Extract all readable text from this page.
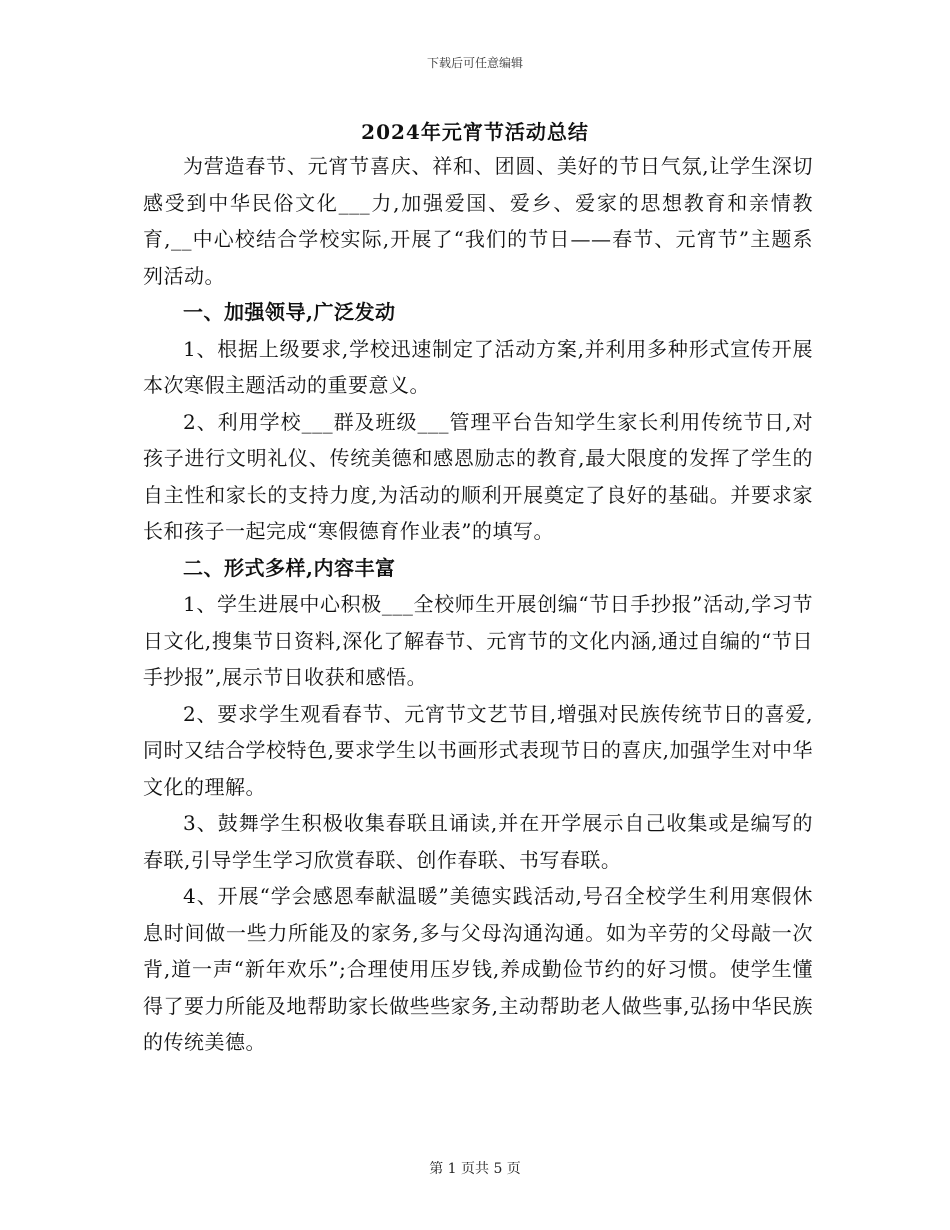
下载后可任意编辑
2024年元宵节活动总结

为营造春节、元宵节喜庆、祥和、团圆、美好的节日气氛,让学生深切感受到中华民俗文化___力,加强爱国、爱乡、爱家的思想教育和亲情教育,__中心校结合学校实际,开展了“我们的节日——春节、元宵节”主题系列活动。

一、加强领导,广泛发动

1、根据上级要求,学校迅速制定了活动方案,并利用多种形式宣传开展本次寒假主题活动的重要意义。

2、利用学校___群及班级___管理平台告知学生家长利用传统节日,对孩子进行文明礼仪、传统美德和感恩励志的教育,最大限度的发挥了学生的自主性和家长的支持力度,为活动的顺利开展奠定了良好的基础。并要求家长和孩子一起完成“寒假德育作业表”的填写。

二、形式多样,内容丰富

1、学生进展中心积极___全校师生开展创编“节日手抄报”活动,学习节日文化,搜集节日资料,深化了解春节、元宵节的文化内涵,通过自编的“节日手抄报”,展示节日收获和感悟。

2、要求学生观看春节、元宵节文艺节目,增强对民族传统节日的喜爱,同时又结合学校特色,要求学生以书画形式表现节日的喜庆,加强学生对中华文化的理解。

3、鼓舞学生积极收集春联且诵读,并在开学展示自己收集或是编写的春联,引导学生学习欣赏春联、创作春联、书写春联。

4、开展“学会感恩奉献温暖”美德实践活动,号召全校学生利用寒假休息时间做一些力所能及的家务,多与父母沟通沟通。如为辛劳的父母敲一次背,道一声“新年欢乐”;合理使用压岁钱,养成勤俭节约的好习惯。使学生懂得了要力所能及地帮助家长做些些家务,主动帮助老人做些事,弘扬中华民族的传统美德。

第 1 页共 5 页
